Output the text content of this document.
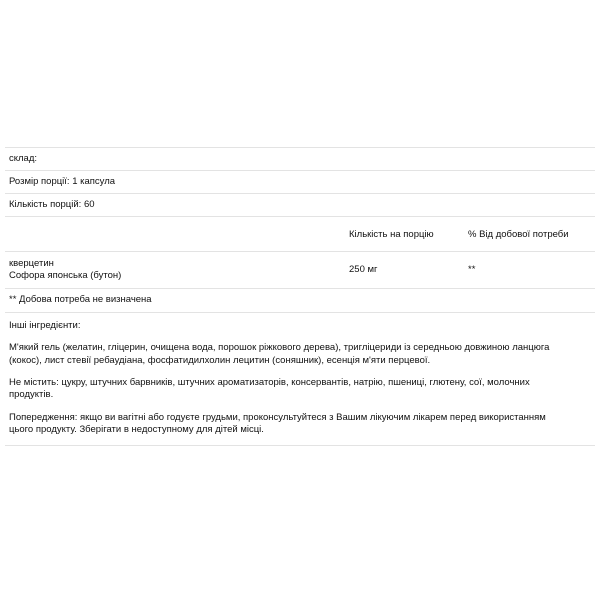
склад:
Розмір порції: 1 капсула
Кількість порцій: 60
Кількість на порцію	% Від добової потреби
кверцетин
Софора японська (бутон)
250 мг	**
** Добова потреба не визначена

Інші інгредієнти:

М'який гель (желатин, гліцерин, очищена вода, порошок ріжкового дерева), тригліцериди із середньою довжиною ланцюга
(кокос), лист стевії ребаудіана, фосфатидилхолин лецитин (соняшник), есенція м'яти перцевої.

Не містить: цукру, штучних барвників, штучних ароматизаторів, консервантів, натрію, пшениці, глютену, сої, молочних
продуктів.

Попередження: якщо ви вагітні або годуєте грудьми, проконсультуйтеся з Вашим лікуючим лікарем перед використанням
цього продукту. Зберігати в недоступному для дітей місці.
